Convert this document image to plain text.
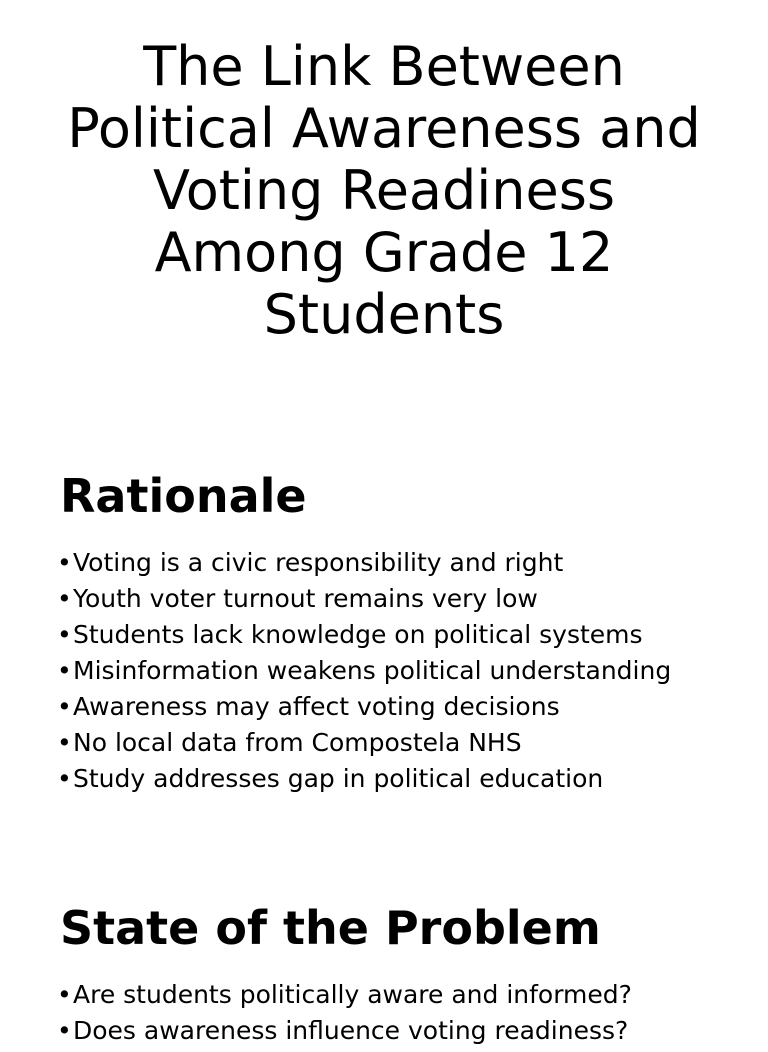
The Link Between Political Awareness and Voting Readiness Among Grade 12 Students
Rationale
• Voting is a civic responsibility and right
• Youth voter turnout remains very low
• Students lack knowledge on political systems
• Misinformation weakens political understanding
• Awareness may affect voting decisions
• No local data from Compostela NHS
• Study addresses gap in political education
State of the Problem
• Are students politically aware and informed?
• Does awareness influence voting readiness?
